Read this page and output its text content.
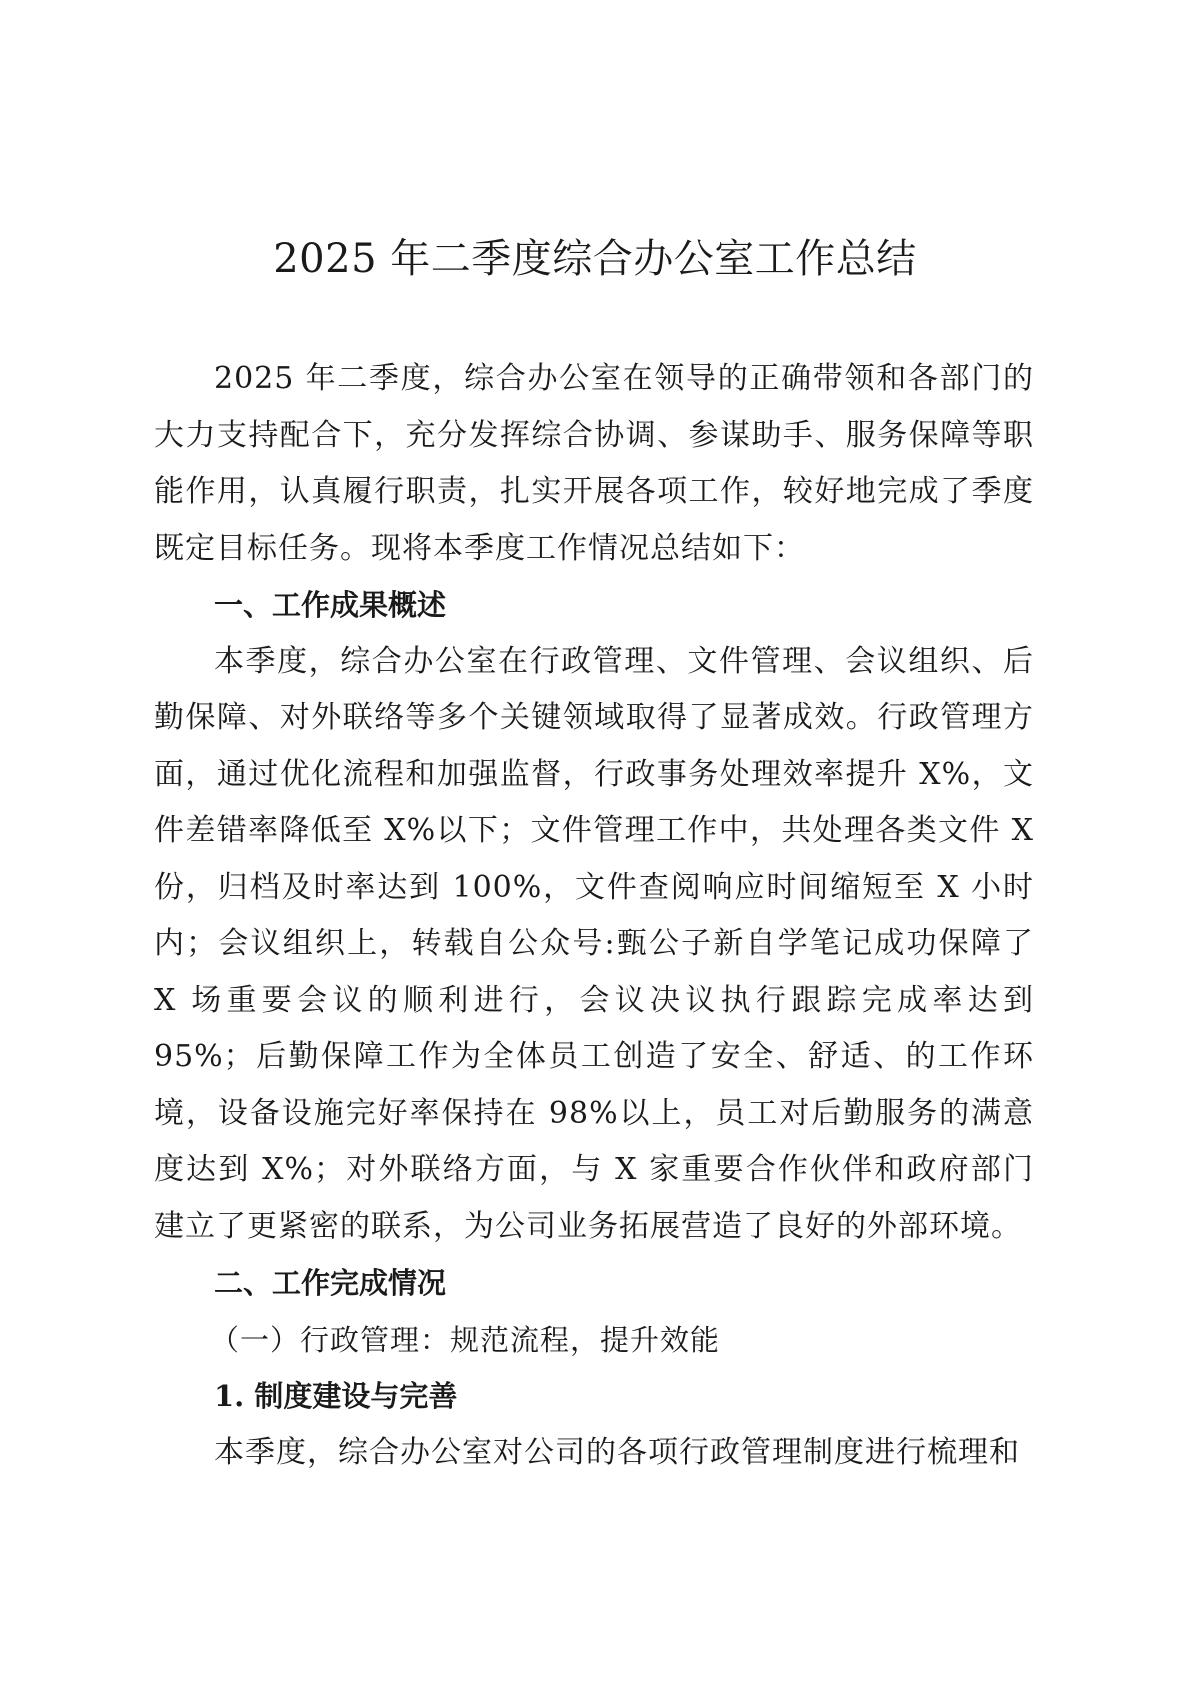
2025 年二季度综合办公室工作总结

2025 年二季度，综合办公室在领导的正确带领和各部门的大力支持配合下，充分发挥综合协调、参谋助手、服务保障等职能作用，认真履行职责，扎实开展各项工作，较好地完成了季度既定目标任务。现将本季度工作情况总结如下：

一、工作成果概述

本季度，综合办公室在行政管理、文件管理、会议组织、后勤保障、对外联络等多个关键领域取得了显著成效。行政管理方面，通过优化流程和加强监督，行政事务处理效率提升 X%，文件差错率降低至 X%以下；文件管理工作中，共处理各类文件 X 份，归档及时率达到 100%，文件查阅响应时间缩短至 X 小时内；会议组织上，转载自公众号:甄公子新自学笔记成功保障了 X 场重要会议的顺利进行，会议决议执行跟踪完成率达到 95%；后勤保障工作为全体员工创造了安全、舒适、的工作环境，设备设施完好率保持在 98%以上，员工对后勤服务的满意度达到 X%；对外联络方面，与 X 家重要合作伙伴和政府部门建立了更紧密的联系，为公司业务拓展营造了良好的外部环境。

二、工作完成情况

（一）行政管理：规范流程，提升效能

1. 制度建设与完善

本季度，综合办公室对公司的各项行政管理制度进行梳理和
